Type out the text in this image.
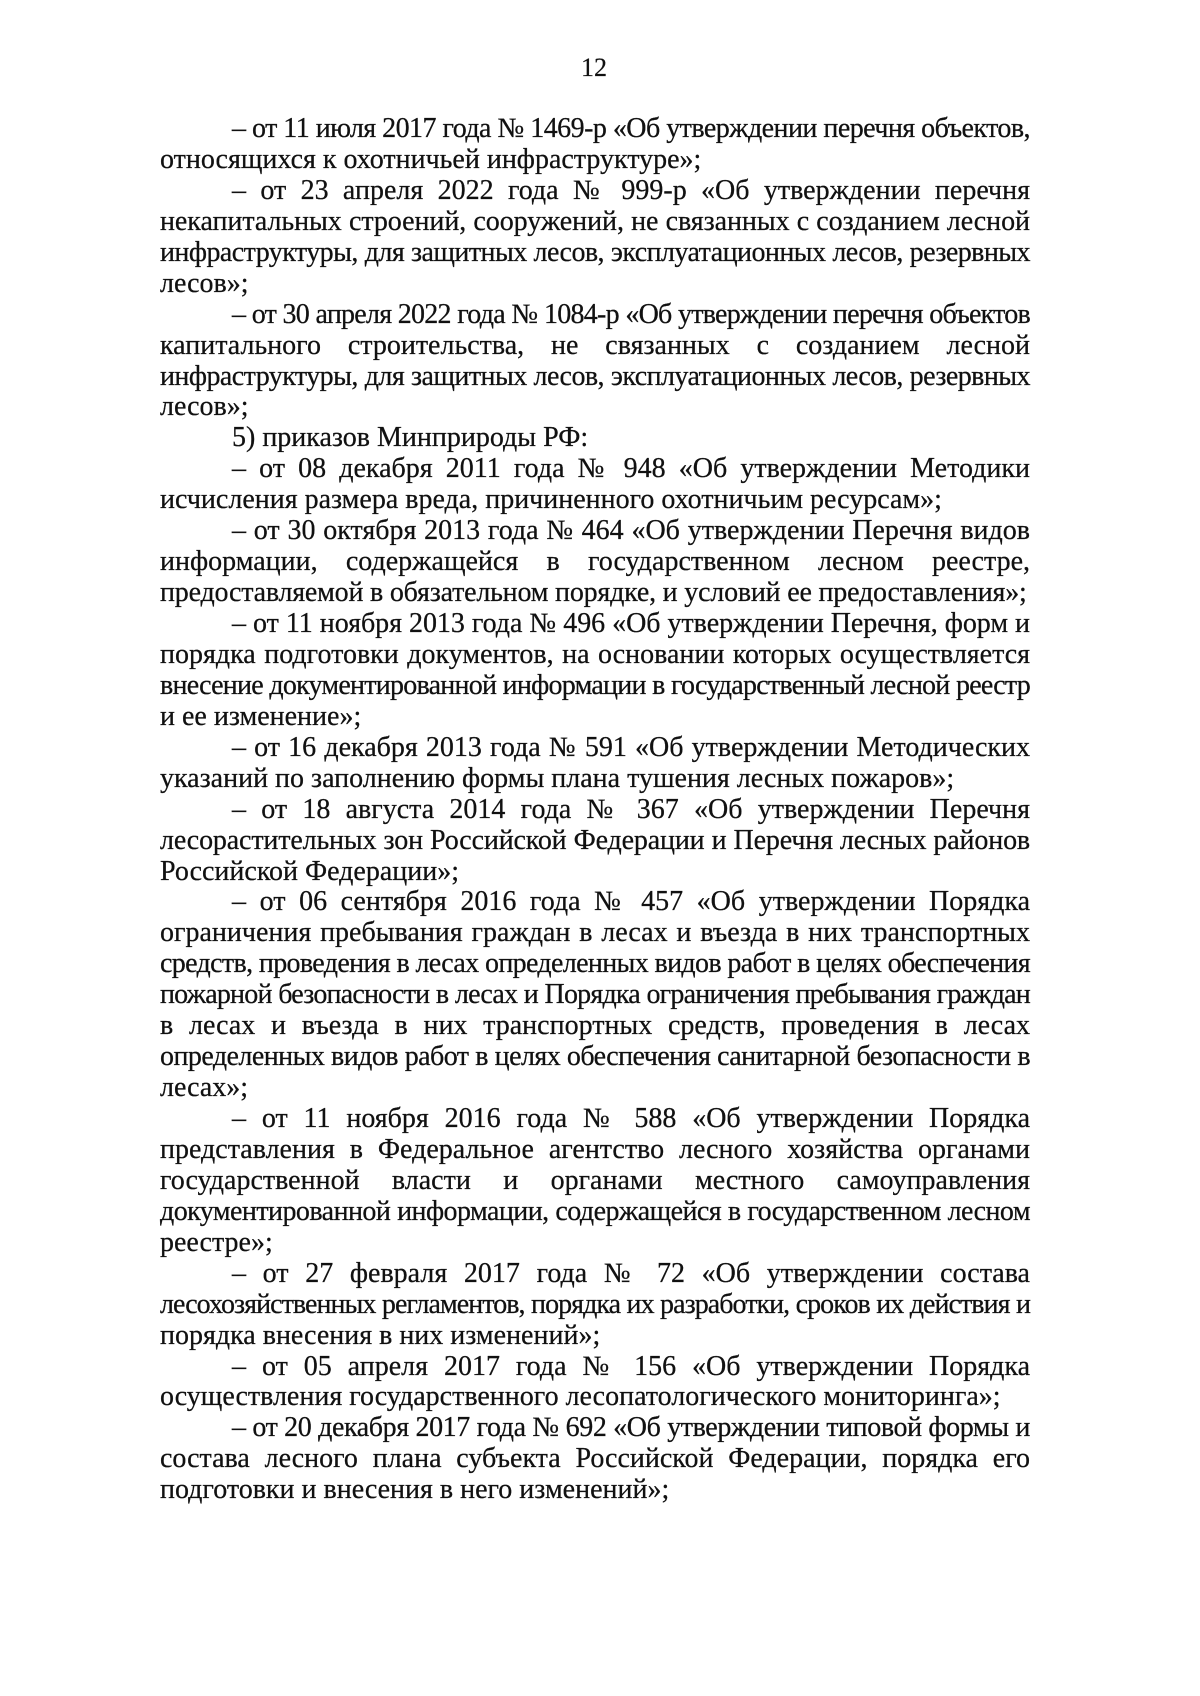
12
– от 11 июля 2017 года № 1469-р «Об утверждении перечня объектов,
относящихся к охотничьей инфраструктуре»;
– от 23 апреля 2022 года № 999-р «Об утверждении перечня
некапитальных строений, сооружений, не связанных с созданием лесной
инфраструктуры, для защитных лесов, эксплуатационных лесов, резервных
лесов»;
– от 30 апреля 2022 года № 1084-р «Об утверждении перечня объектов
капитального строительства, не связанных с созданием лесной
инфраструктуры, для защитных лесов, эксплуатационных лесов, резервных
лесов»;
5) приказов Минприроды РФ:
– от 08 декабря 2011 года № 948 «Об утверждении Методики
исчисления размера вреда, причиненного охотничьим ресурсам»;
– от 30 октября 2013 года № 464 «Об утверждении Перечня видов
информации, содержащейся в государственном лесном реестре,
предоставляемой в обязательном порядке, и условий ее предоставления»;
– от 11 ноября 2013 года № 496 «Об утверждении Перечня, форм и
порядка подготовки документов, на основании которых осуществляется
внесение документированной информации в государственный лесной реестр
и ее изменение»;
– от 16 декабря 2013 года № 591 «Об утверждении Методических
указаний по заполнению формы плана тушения лесных пожаров»;
– от 18 августа 2014 года № 367 «Об утверждении Перечня
лесорастительных зон Российской Федерации и Перечня лесных районов
Российской Федерации»;
– от 06 сентября 2016 года № 457 «Об утверждении Порядка
ограничения пребывания граждан в лесах и въезда в них транспортных
средств, проведения в лесах определенных видов работ в целях обеспечения
пожарной безопасности в лесах и Порядка ограничения пребывания граждан
в лесах и въезда в них транспортных средств, проведения в лесах
определенных видов работ в целях обеспечения санитарной безопасности в
лесах»;
– от 11 ноября 2016 года № 588 «Об утверждении Порядка
представления в Федеральное агентство лесного хозяйства органами
государственной власти и органами местного самоуправления
документированной информации, содержащейся в государственном лесном
реестре»;
– от 27 февраля 2017 года № 72 «Об утверждении состава
лесохозяйственных регламентов, порядка их разработки, сроков их действия и
порядка внесения в них изменений»;
– от 05 апреля 2017 года № 156 «Об утверждении Порядка
осуществления государственного лесопатологического мониторинга»;
– от 20 декабря 2017 года № 692 «Об утверждении типовой формы и
состава лесного плана субъекта Российской Федерации, порядка его
подготовки и внесения в него изменений»;
